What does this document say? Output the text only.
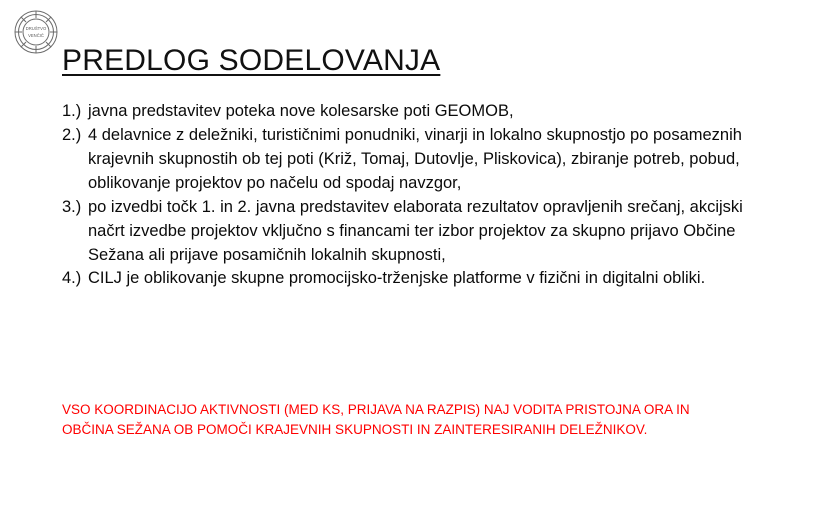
DRUŠTVO
VENČIČ
PREDLOG SODELOVANJA
1.) javna predstavitev poteka nove kolesarske poti GEOMOB,
2.) 4 delavnice z deležniki, turističnimi ponudniki, vinarji in lokalno skupnostjo po posameznih krajevnih skupnostih ob tej poti (Križ, Tomaj, Dutovlje, Pliskovica), zbiranje potreb, pobud, oblikovanje projektov po načelu od spodaj navzgor,
3.) po izvedbi točk 1. in 2. javna predstavitev elaborata rezultatov opravljenih srečanj, akcijski načrt izvedbe projektov vključno s financami ter izbor projektov za skupno prijavo Občine Sežana ali prijave posamičnih lokalnih skupnosti,
4.) CILJ je oblikovanje skupne promocijsko-trženjske platforme v fizični in digitalni obliki.
VSO KOORDINACIJO AKTIVNOSTI (MED KS, PRIJAVA NA RAZPIS) NAJ VODITA PRISTOJNA ORA IN
OBČINA SEŽANA OB POMOČI KRAJEVNIH SKUPNOSTI IN ZAINTERESIRANIH DELEŽNIKOV.
